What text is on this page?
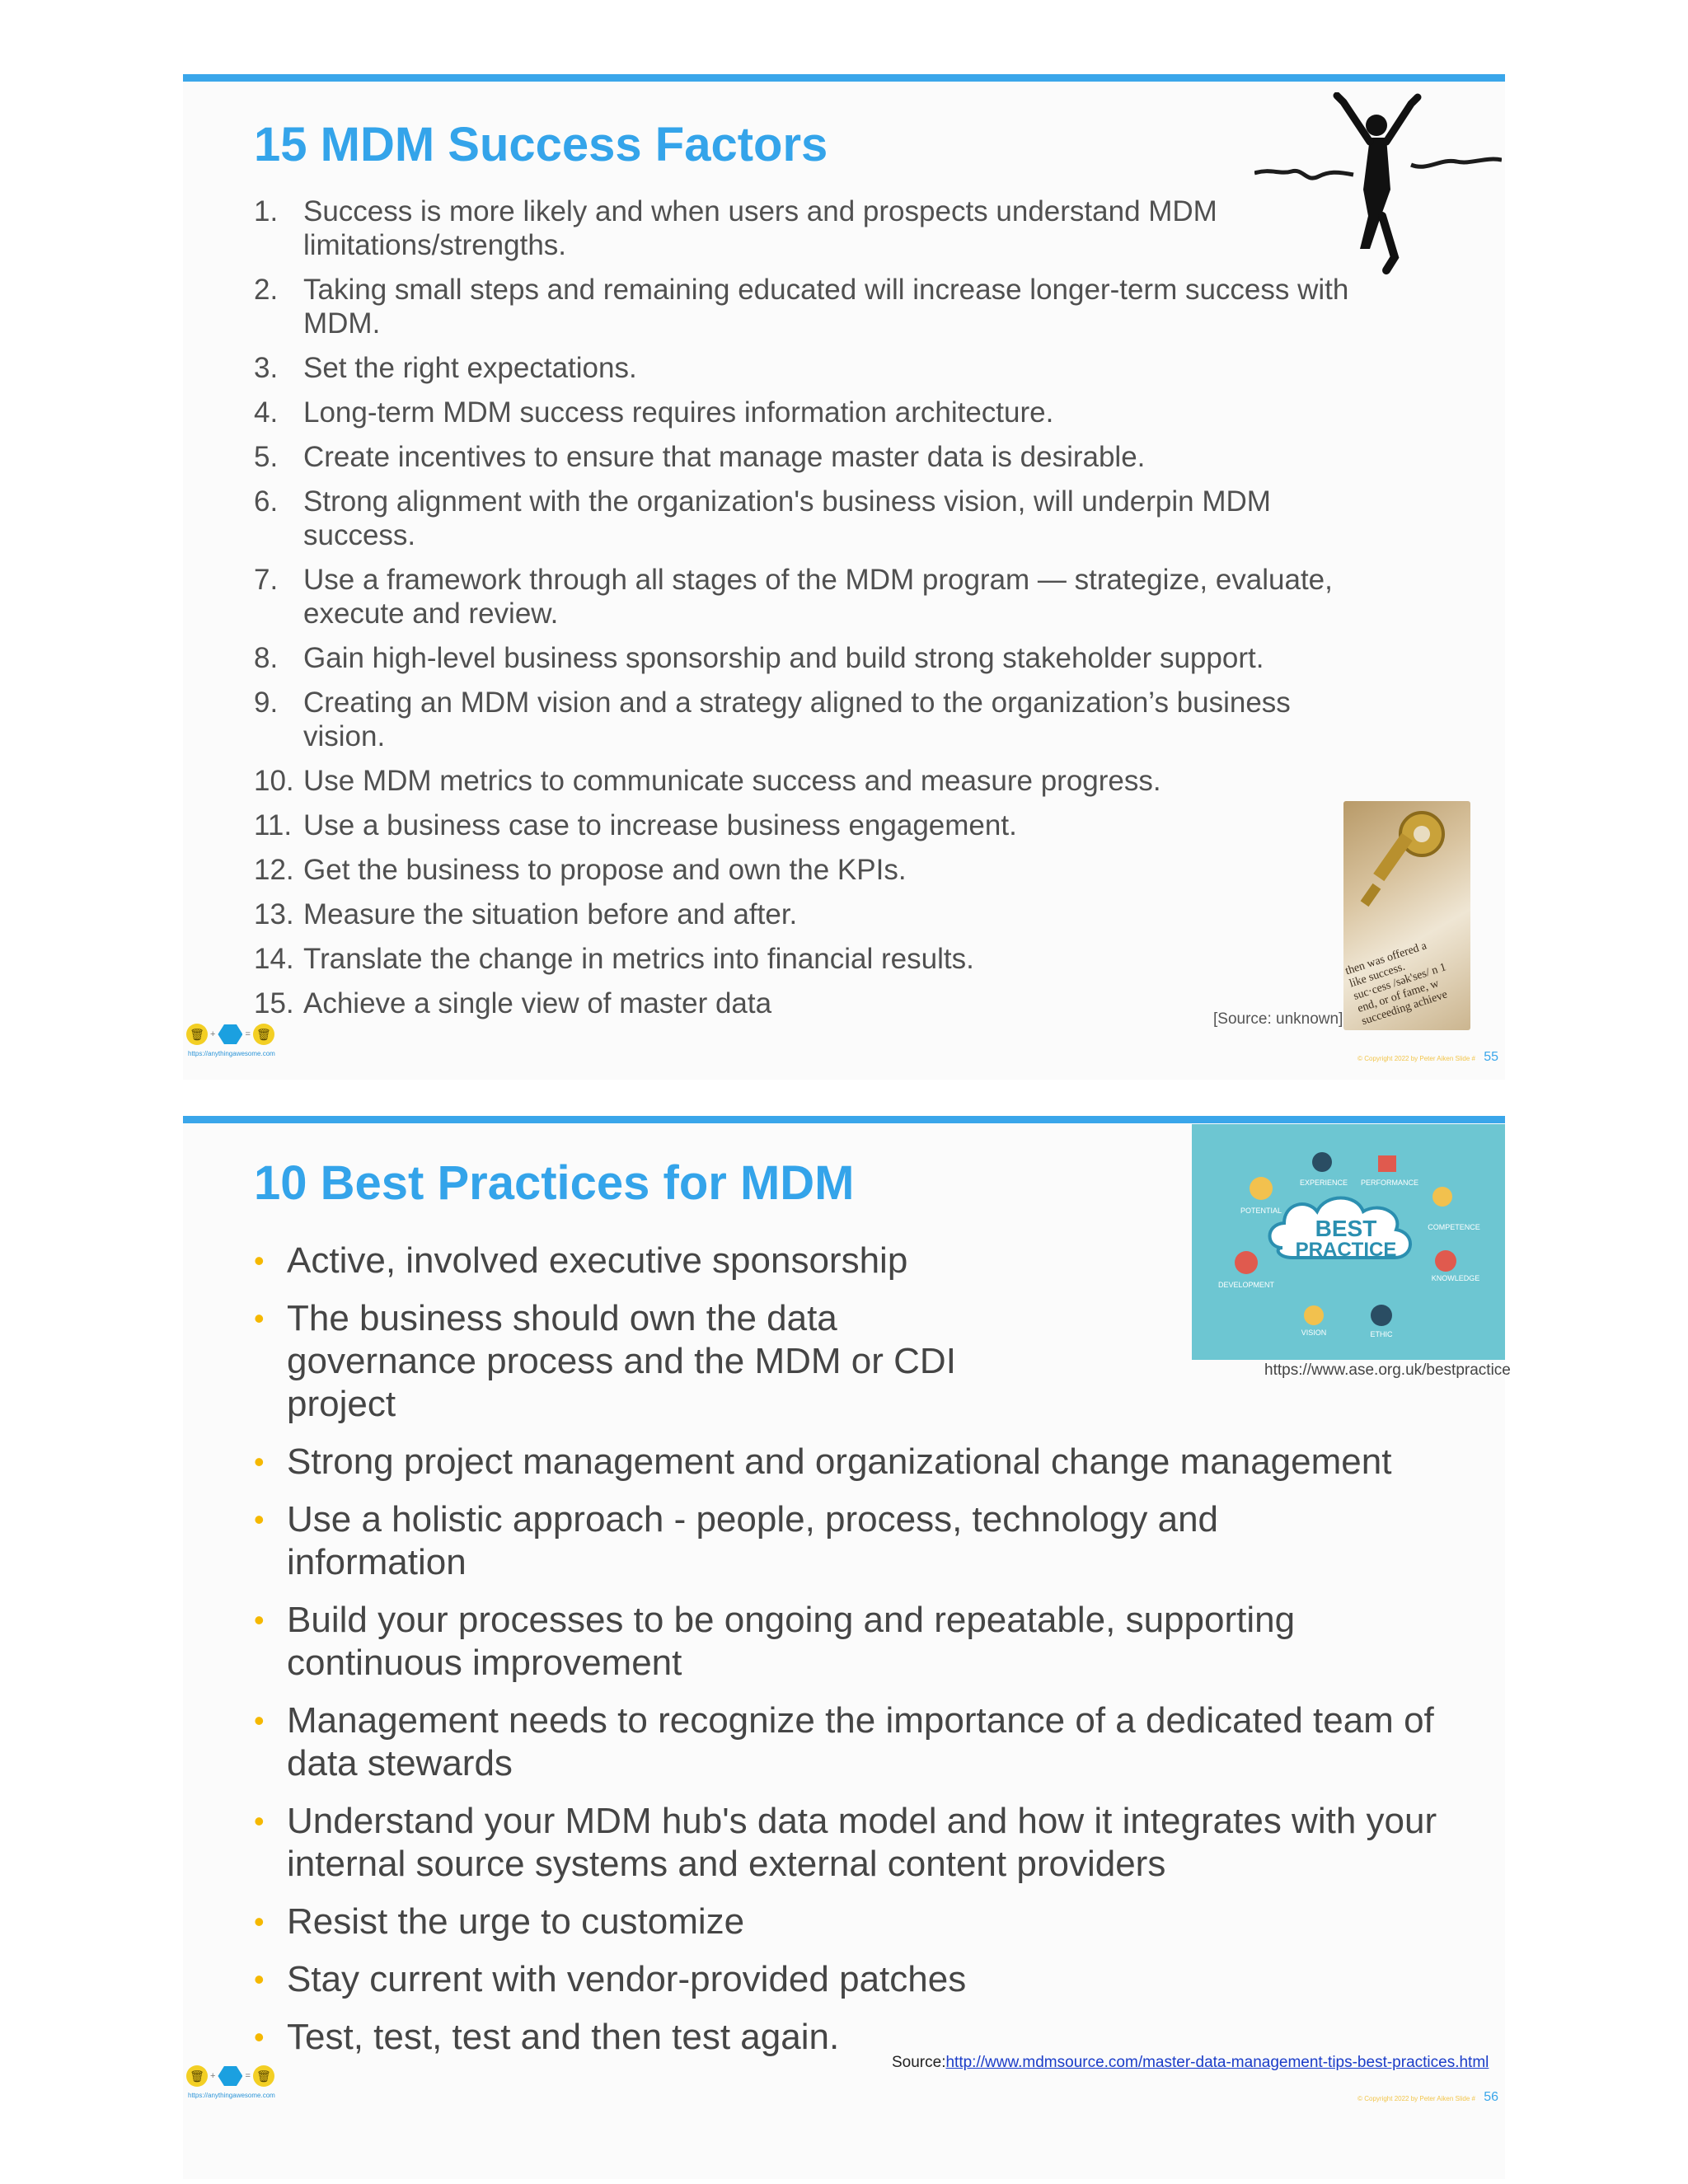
15 MDM Success Factors
1. Success is more likely and when users and prospects understand MDM limitations/strengths.
2. Taking small steps and remaining educated will increase longer-term success with MDM.
3. Set the right expectations.
4. Long-term MDM success requires information architecture.
5. Create incentives to ensure that manage master data is desirable.
6. Strong alignment with the organization's business vision, will underpin MDM success.
7. Use a framework through all stages of the MDM program — strategize, evaluate, execute and review.
8. Gain high-level business sponsorship and build strong stakeholder support.
9. Creating an MDM vision and a strategy aligned to the organization’s business vision.
10. Use MDM metrics to communicate success and measure progress.
11. Use a business case to increase business engagement.
12. Get the business to propose and own the KPIs.
13. Measure the situation before and after.
14. Translate the change in metrics into financial results.
15. Achieve a single view of master data
then was offered a
like success.
suc·cess /sək'ses/ n 1
end, or of fame, w
succeeding achieve
[Source: unknown]
🗑 +	= 🗑
https://anythingawesome.com
© Copyright 2022 by Peter Aiken Slide # 55
10 Best Practices for MDM
BEST
PRACTICE
EXPERIENCE PERFORMANCE
POTENTIAL
COMPETENCE
DEVELOPMENT
KNOWLEDGE
VISION	ETHIC
https://www.ase.org.uk/bestpractice
• Active, involved executive sponsorship
• The business should own the data governance process and the MDM or CDI project
• Strong project management and organizational change management
• Use a holistic approach - people, process, technology and information
• Build your processes to be ongoing and repeatable, supporting continuous improvement
• Management needs to recognize the importance of a dedicated team of data stewards
• Understand your MDM hub's data model and how it integrates with your internal source systems and external content providers
• Resist the urge to customize
• Stay current with vendor-provided patches
• Test, test, test and then test again.
Source:http://www.mdmsource.com/master-data-management-tips-best-practices.html
🗑 +	= 🗑
https://anythingawesome.com	© Copyright 2022 by Peter Aiken Slide # 56
